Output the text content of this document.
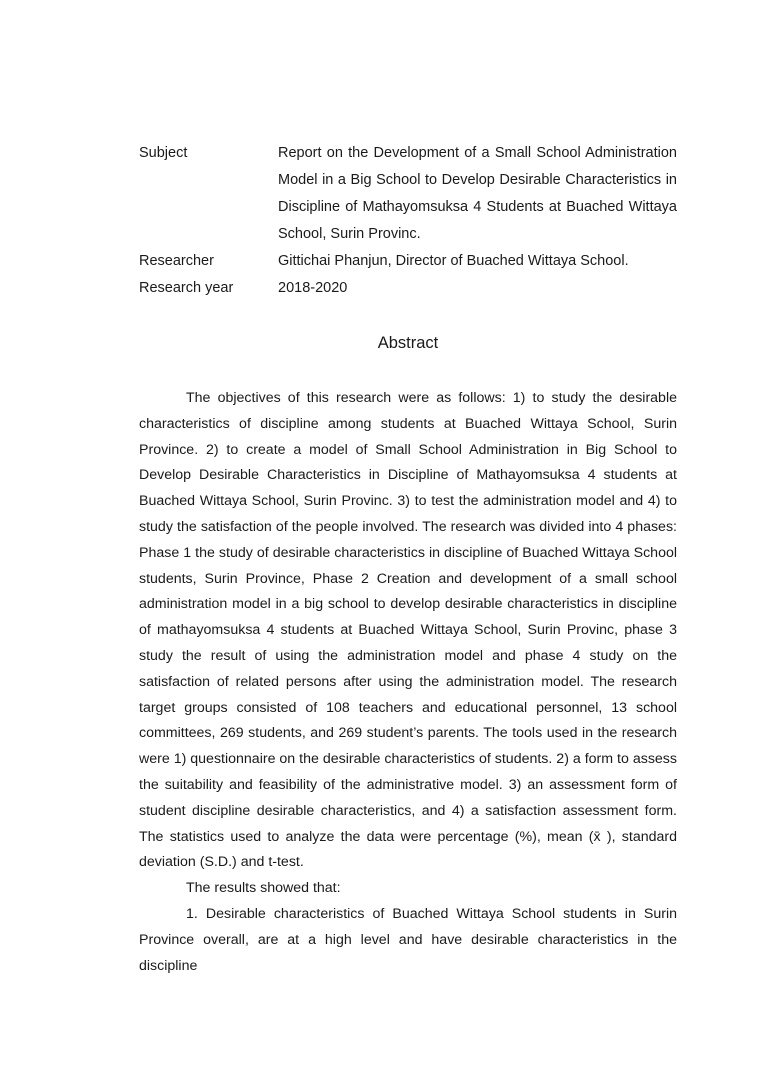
Subject	Report on the Development of a Small School Administration Model in a Big School to Develop Desirable Characteristics in Discipline of Mathayomsuksa 4 Students at Buached Wittaya School, Surin Provinc.
Researcher	Gittichai Phanjun, Director of Buached Wittaya School.
Research year	2018-2020
Abstract

The objectives of this research were as follows: 1) to study the desirable characteristics of discipline among students at Buached Wittaya School, Surin Province. 2) to create a model of Small School Administration in Big School to Develop Desirable Characteristics in Discipline of Mathayomsuksa 4 students at Buached Wittaya School, Surin Provinc. 3) to test the administration model and 4) to study the satisfaction of the people involved. The research was divided into 4 phases: Phase 1 the study of desirable characteristics in discipline of Buached Wittaya School students, Surin Province, Phase 2 Creation and development of a small school administration model in a big school to develop desirable characteristics in discipline of mathayomsuksa 4 students at Buached Wittaya School, Surin Provinc, phase 3 study the result of using the administration model and phase 4 study on the satisfaction of related persons after using the administration model. The research target groups consisted of 108 teachers and educational personnel, 13 school committees, 269 students, and 269 student’s parents. The tools used in the research were 1) questionnaire on the desirable characteristics of students. 2) a form to assess the suitability and feasibility of the administrative model. 3) an assessment form of student discipline desirable characteristics, and 4) a satisfaction assessment form. The statistics used to analyze the data were percentage (%), mean (x̄ ), standard deviation (S.D.) and t-test.

The results showed that:

1. Desirable characteristics of Buached Wittaya School students in Surin Province overall, are at a high level and have desirable characteristics in the discipline
